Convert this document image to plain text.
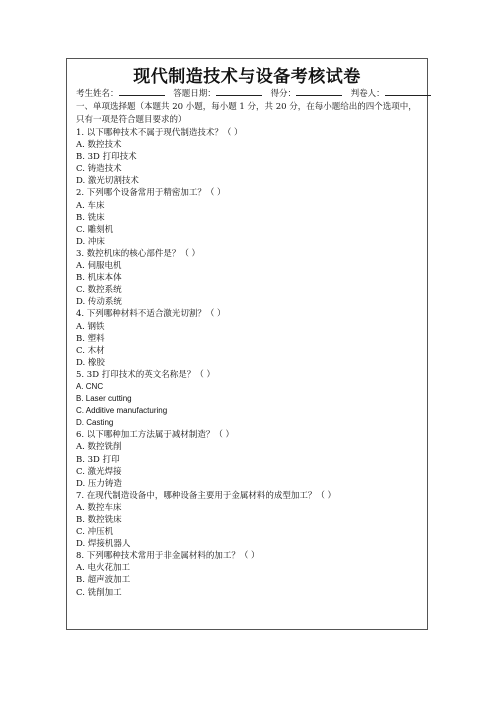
现代制造技术与设备考核试卷
考生姓名：	答题日期：	得分：	判卷人：
一、单项选择题（本题共 20 小题，每小题 1 分，共 20 分，在每小题给出的四个选项中，只有一项是符合题目要求的）
1. 以下哪种技术不属于现代制造技术？（ ）
A. 数控技术
B. 3D 打印技术
C. 铸造技术
D. 激光切割技术
2. 下列哪个设备常用于精密加工？（ ）
A. 车床
B. 铣床
C. 雕刻机
D. 冲床
3. 数控机床的核心部件是？（ ）
A. 伺服电机
B. 机床本体
C. 数控系统
D. 传动系统
4. 下列哪种材料不适合激光切割？（ ）
A. 钢铁
B. 塑料
C. 木材
D. 橡胶
5. 3D 打印技术的英文名称是？（ ）
A. CNC
B. Laser cutting
C. Additive manufacturing
D. Casting
6. 以下哪种加工方法属于减材制造？（ ）
A. 数控铣削
B. 3D 打印
C. 激光焊接
D. 压力铸造
7. 在现代制造设备中，哪种设备主要用于金属材料的成型加工？（ ）
A. 数控车床
B. 数控铣床
C. 冲压机
D. 焊接机器人
8. 下列哪种技术常用于非金属材料的加工？（ ）
A. 电火花加工
B. 超声波加工
C. 铣削加工
